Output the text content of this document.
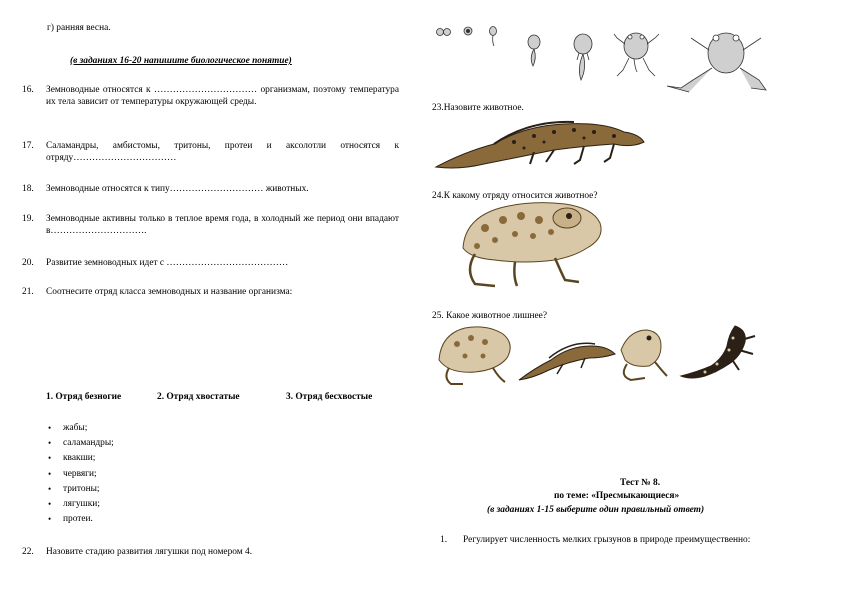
г) ранняя весна.
(в заданиях 16-20 напишите биологическое понятие)
16. Земноводные относятся к …………………………… организмам, поэтому температура их тела зависит от температуры окружающей среды.
17. Саламандры, амбистомы, тритоны, протеи и аксолотли относятся к отряду……………………………
18. Земноводные относятся к типу………………………… животных.
19. Земноводные активны только в теплое время года, в холодный же период они впадают в………………………….
20. Развитие земноводных идет с …………………………………
21. Соотнесите отряд класса земноводных и название организма:
1. Отряд безногие	2. Отряд хвостатые	3. Отряд бесхвостые
• жабы;
• саламандры;
• квакши;
• червяги;
• тритоны;
• лягушки;
• протеи.
22. Назовите стадию развития лягушки под номером 4.
23.Назовите животное.
24.К какому отряду относится животное?
25. Какое животное лишнее?
Тест № 8.
по теме: «Пресмыкающиеся»
(в заданиях 1-15 выберите один правильный ответ)
1. Регулирует численность мелких грызунов в природе преимущественно:
